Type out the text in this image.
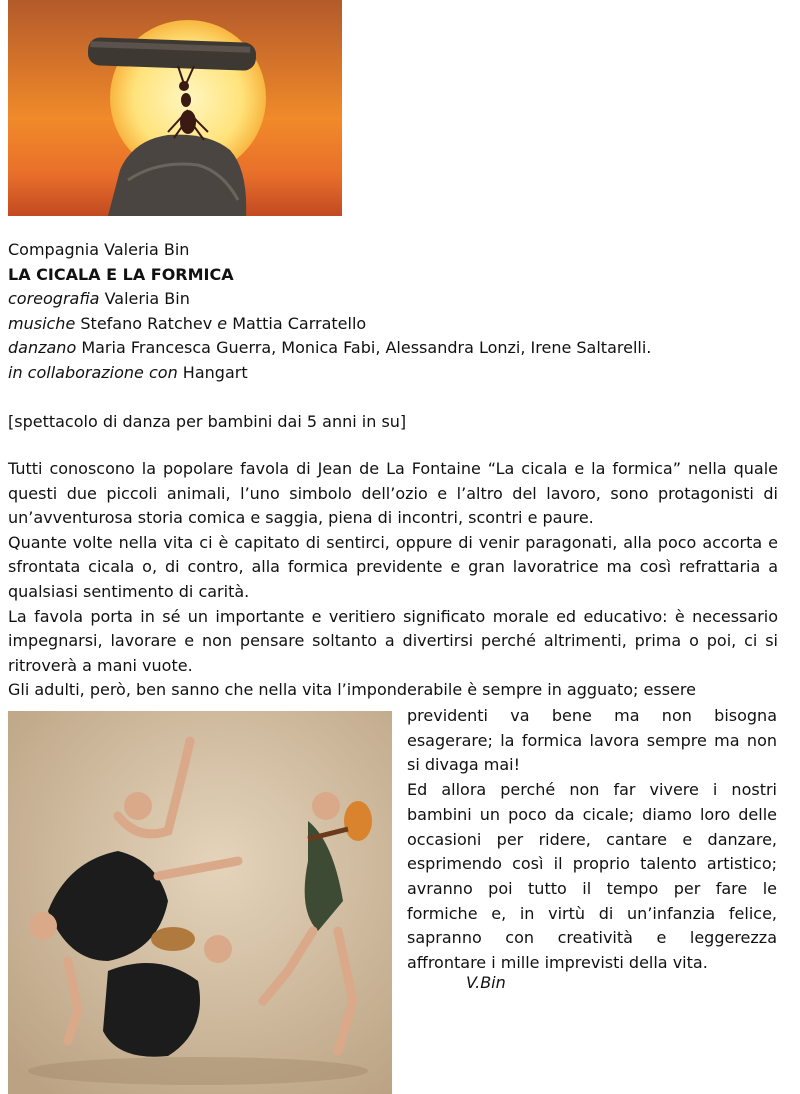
Compagnia Valeria Bin
LA CICALA E LA FORMICA
coreografia Valeria Bin
musiche Stefano Ratchev e Mattia Carratello
danzano Maria Francesca Guerra, Monica Fabi, Alessandra Lonzi, Irene Saltarelli.
in collaborazione con Hangart
[spettacolo di danza per bambini dai 5 anni in su]

Tutti conoscono la popolare favola di Jean de La Fontaine “La cicala e la formica” nella quale questi due piccoli animali, l’uno simbolo dell’ozio e l’altro del lavoro, sono protagonisti di un’avventurosa storia comica e saggia, piena di incontri, scontri e paure.

Quante volte nella vita ci è capitato di sentirci, oppure di venir paragonati, alla poco accorta e sfrontata cicala o, di contro, alla formica previdente e gran lavoratrice ma così refrattaria a qualsiasi sentimento di carità.

La favola porta in sé un importante e veritiero significato morale ed educativo: è necessario impegnarsi, lavorare e non pensare soltanto a divertirsi perché altrimenti, prima o poi, ci si ritroverà a mani vuote.

Gli adulti, però, ben sanno che nella vita l’imponderabile è sempre in agguato; essere

previdenti va bene ma non bisogna esagerare; la formica lavora sempre ma non si divaga mai!

Ed allora perché non far vivere i nostri bambini un poco da cicale; diamo loro delle occasioni per ridere, cantare e danzare, esprimendo così il proprio talento artistico; avranno poi tutto il tempo per fare le formiche e, in virtù di un’infanzia felice, sapranno con creatività e leggerezza affrontare i mille imprevisti della vita.

V.Bin
